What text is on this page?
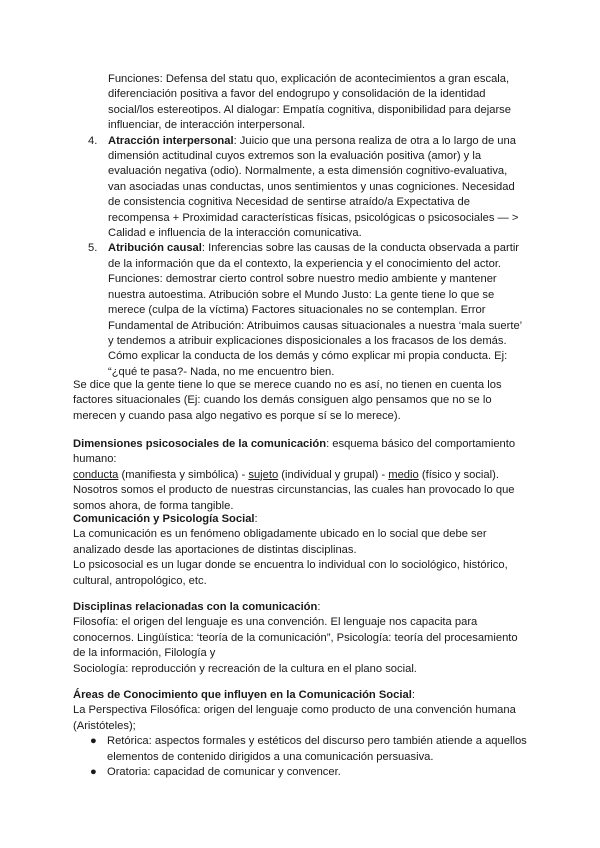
Funciones: Defensa del statu quo, explicación de acontecimientos a gran escala, diferenciación positiva a favor del endogrupo y consolidación de la identidad social/los estereotipos. Al dialogar: Empatía cognitiva, disponibilidad para dejarse influenciar, de interacción interpersonal.

4. Atracción interpersonal: Juicio que una persona realiza de otra a lo largo de una dimensión actitudinal cuyos extremos son la evaluación positiva (amor) y la evaluación negativa (odio). Normalmente, a esta dimensión cognitivo-evaluativa, van asociadas unas conductas, unos sentimientos y unas cogniciones. Necesidad de consistencia cognitiva Necesidad de sentirse atraído/a Expectativa de recompensa + Proximidad características físicas, psicológicas o psicosociales — > Calidad e influencia de la interacción comunicativa.
5. Atribución causal: Inferencias sobre las causas de la conducta observada a partir de la información que da el contexto, la experiencia y el conocimiento del actor. Funciones: demostrar cierto control sobre nuestro medio ambiente y mantener nuestra autoestima. Atribución sobre el Mundo Justo: La gente tiene lo que se merece (culpa de la víctima) Factores situacionales no se contemplan. Error Fundamental de Atribución: Atribuimos causas situacionales a nuestra ‘mala suerte’ y tendemos a atribuir explicaciones disposicionales a los fracasos de los demás. Cómo explicar la conducta de los demás y cómo explicar mi propia conducta. Ej: “¿qué te pasa?- Nada, no me encuentro bien.

Se dice que la gente tiene lo que se merece cuando no es así, no tienen en cuenta los factores situacionales (Ej: cuando los demás consiguen algo pensamos que no se lo merecen y cuando pasa algo negativo es porque sí se lo merece).

Dimensiones psicosociales de la comunicación: esquema básico del comportamiento humano:

conducta (manifiesta y simbólica) - sujeto (individual y grupal) - medio (físico y social). Nosotros somos el producto de nuestras circunstancias, las cuales han provocado lo que somos ahora, de forma tangible.

Comunicación y Psicología Social:

La comunicación es un fenómeno obligadamente ubicado en lo social que debe ser analizado desde las aportaciones de distintas disciplinas.

Lo psicosocial es un lugar donde se encuentra lo individual con lo sociológico, histórico, cultural, antropológico, etc.

Disciplinas relacionadas con la comunicación:

Filosofía: el origen del lenguaje es una convención. El lenguaje nos capacita para conocernos. Lingüística: ‘teoría de la comunicación”, Psicología: teoría del procesamiento de la información, Filología y

Sociología: reproducción y recreación de la cultura en el plano social.

Áreas de Conocimiento que influyen en la Comunicación Social:

La Perspectiva Filosófica: origen del lenguaje como producto de una convención humana (Aristóteles);

● Retórica: aspectos formales y estéticos del discurso pero también atiende a aquellos elementos de contenido dirigidos a una comunicación persuasiva.
● Oratoria: capacidad de comunicar y convencer.
